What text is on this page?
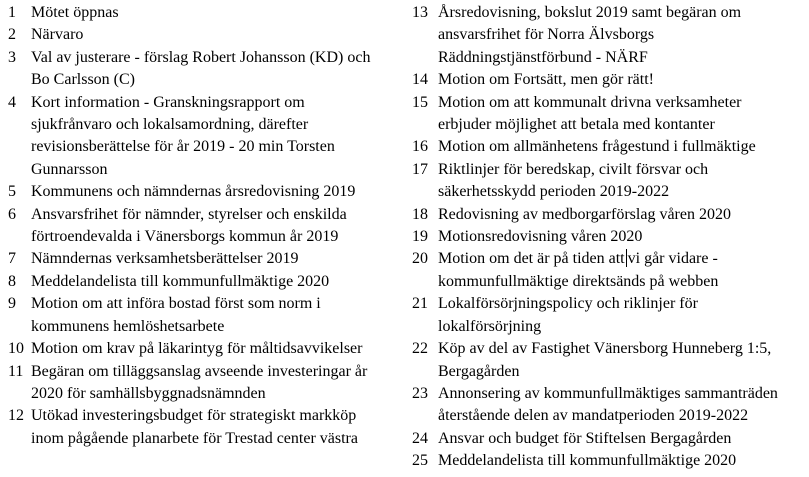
1 Mötet öppnas
2 Närvaro
3 Val av justerare - förslag Robert Johansson (KD) och
Bo Carlsson (C)
4 Kort information - Granskningsrapport om
sjukfrånvaro och lokalsamordning, därefter
revisionsberättelse för år 2019 - 20 min Torsten
Gunnarsson
5 Kommunens och nämndernas årsredovisning 2019
6 Ansvarsfrihet för nämnder, styrelser och enskilda
förtroendevalda i Vänersborgs kommun år 2019
7 Nämndernas verksamhetsberättelser 2019
8 Meddelandelista till kommunfullmäktige 2020
9 Motion om att införa bostad först som norm i
kommunens hemlöshetsarbete
10 Motion om krav på läkarintyg för måltidsavvikelser
11 Begäran om tilläggsanslag avseende investeringar år
2020 för samhällsbyggnadsnämnden
12 Utökad investeringsbudget för strategiskt markköp
inom pågående planarbete för Trestad center västra
13 Årsredovisning, bokslut 2019 samt begäran om
ansvarsfrihet för Norra Älvsborgs
Räddningstjänstförbund - NÄRF
14 Motion om Fortsätt, men gör rätt!
15 Motion om att kommunalt drivna verksamheter
erbjuder möjlighet att betala med kontanter
16 Motion om allmänhetens frågestund i fullmäktige
17 Riktlinjer för beredskap, civilt försvar och
säkerhetsskydd perioden 2019-2022
18 Redovisning av medborgarförslag våren 2020
19 Motionsredovisning våren 2020
20 Motion om det är på tiden att vi går vidare -
kommunfullmäktige direktsänds på webben
21 Lokalförsörjningspolicy och riklinjer för
lokalförsörjning
22 Köp av del av Fastighet Vänersborg Hunneberg 1:5,
Bergagården
23 Annonsering av kommunfullmäktiges sammanträden
återstående delen av mandatperioden 2019-2022
24 Ansvar och budget för Stiftelsen Bergagården
25 Meddelandelista till kommunfullmäktige 2020
